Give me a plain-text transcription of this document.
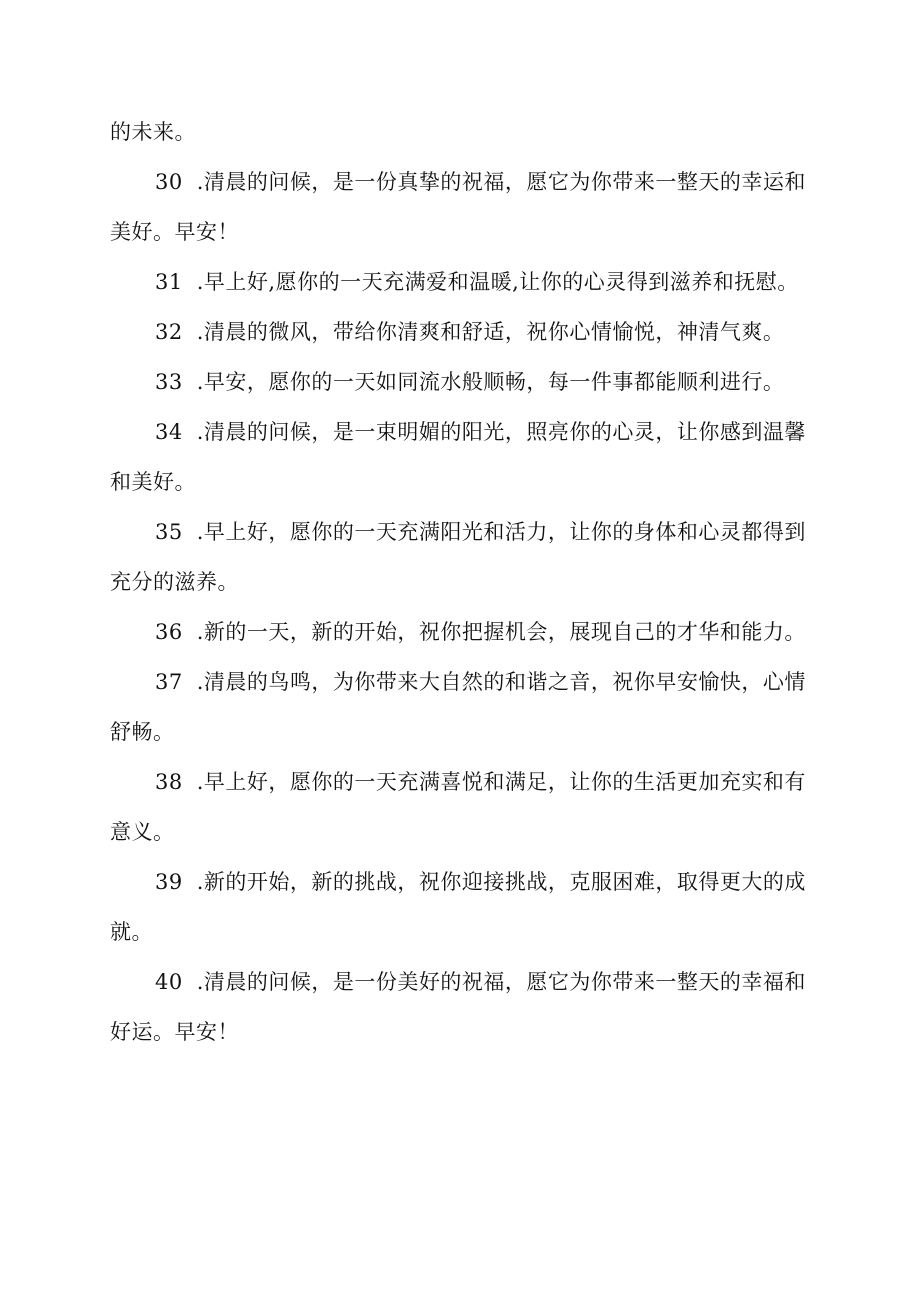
的未来。
30 .清晨的问候，是一份真挚的祝福，愿它为你带来一整天的幸运和
美好。早安！
31 .早上好,愿你的一天充满爱和温暖,让你的心灵得到滋养和抚慰。
32 .清晨的微风，带给你清爽和舒适，祝你心情愉悦，神清气爽。
33 .早安，愿你的一天如同流水般顺畅，每一件事都能顺利进行。
34 .清晨的问候，是一束明媚的阳光，照亮你的心灵，让你感到温馨
和美好。
35 .早上好，愿你的一天充满阳光和活力，让你的身体和心灵都得到
充分的滋养。
36 .新的一天，新的开始，祝你把握机会，展现自己的才华和能力。
37 .清晨的鸟鸣，为你带来大自然的和谐之音，祝你早安愉快，心情
舒畅。
38 .早上好，愿你的一天充满喜悦和满足，让你的生活更加充实和有
意义。
39 .新的开始，新的挑战，祝你迎接挑战，克服困难，取得更大的成
就。
40 .清晨的问候，是一份美好的祝福，愿它为你带来一整天的幸福和
好运。早安！
